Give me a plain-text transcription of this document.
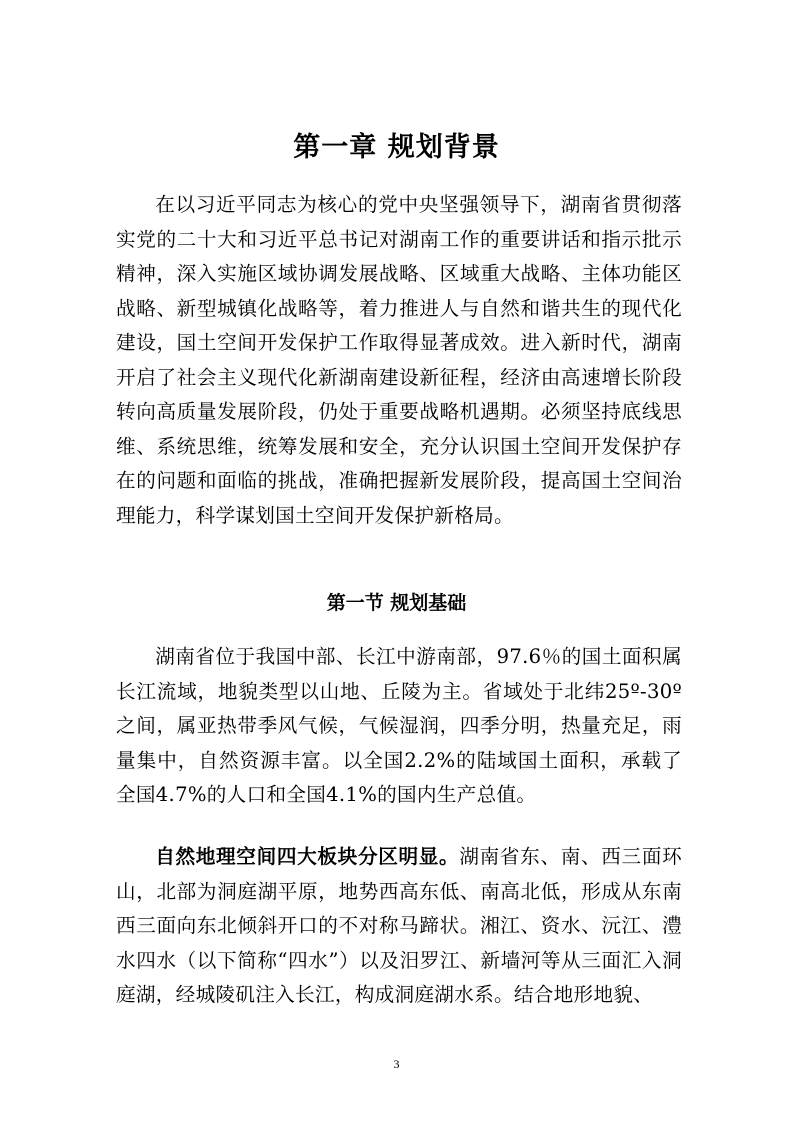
第一章 规划背景

在以习近平同志为核心的党中央坚强领导下，湖南省贯彻落实党的二十大和习近平总书记对湖南工作的重要讲话和指示批示精神，深入实施区域协调发展战略、区域重大战略、主体功能区战略、新型城镇化战略等，着力推进人与自然和谐共生的现代化建设，国土空间开发保护工作取得显著成效。进入新时代，湖南开启了社会主义现代化新湖南建设新征程，经济由高速增长阶段转向高质量发展阶段，仍处于重要战略机遇期。必须坚持底线思维、系统思维，统筹发展和安全，充分认识国土空间开发保护存在的问题和面临的挑战，准确把握新发展阶段，提高国土空间治理能力，科学谋划国土空间开发保护新格局。

第一节 规划基础

湖南省位于我国中部、长江中游南部，97.6％的国土面积属长江流域，地貌类型以山地、丘陵为主。省域处于北纬25º-30º之间，属亚热带季风气候，气候湿润，四季分明，热量充足，雨量集中，自然资源丰富。以全国2.2%的陆域国土面积，承载了全国4.7%的人口和全国4.1%的国内生产总值。

自然地理空间四大板块分区明显。湖南省东、南、西三面环山，北部为洞庭湖平原，地势西高东低、南高北低，形成从东南西三面向东北倾斜开口的不对称马蹄状。湘江、资水、沅江、澧水四水（以下简称“四水”）以及汨罗江、新墙河等从三面汇入洞庭湖，经城陵矶注入长江，构成洞庭湖水系。结合地形地貌、

3
